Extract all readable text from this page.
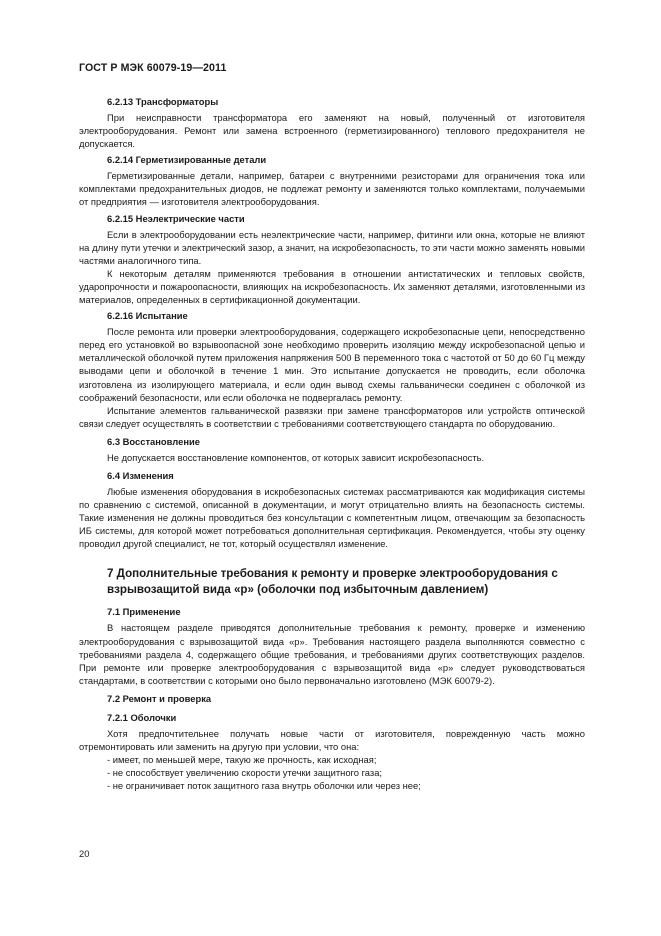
ГОСТ Р МЭК 60079-19—2011
6.2.13 Трансформаторы

При неисправности трансформатора его заменяют на новый, полученный от изготовителя электрооборудования. Ремонт или замена встроенного (герметизированного) теплового предохранителя не допускается.

6.2.14 Герметизированные детали

Герметизированные детали, например, батареи с внутренними резисторами для ограничения тока или комплектами предохранительных диодов, не подлежат ремонту и заменяются только комплектами, получаемыми от предприятия — изготовителя электрооборудования.

6.2.15 Неэлектрические части

Если в электрооборудовании есть неэлектрические части, например, фитинги или окна, которые не влияют на длину пути утечки и электрический зазор, а значит, на искробезопасность, то эти части можно заменять новыми частями аналогичного типа.

К некоторым деталям применяются требования в отношении антистатических и тепловых свойств, ударопрочности и пожароопасности, влияющих на искробезопасность. Их заменяют деталями, изготовленными из материалов, определенных в сертификационной документации.

6.2.16 Испытание

После ремонта или проверки электрооборудования, содержащего искробезопасные цепи, непосредственно перед его установкой во взрывоопасной зоне необходимо проверить изоляцию между искробезопасной цепью и металлической оболочкой путем приложения напряжения 500 В переменного тока с частотой от 50 до 60 Гц между выводами цепи и оболочкой в течение 1 мин. Это испытание допускается не проводить, если оболочка изготовлена из изолирующего материала, и если один вывод схемы гальванически соединен с оболочкой из соображений безопасности, или если оболочка не подвергалась ремонту.

Испытание элементов гальванической развязки при замене трансформаторов или устройств оптической связи следует осуществлять в соответствии с требованиями соответствующего стандарта по оборудованию.

6.3 Восстановление

Не допускается восстановление компонентов, от которых зависит искробезопасность.

6.4 Изменения

Любые изменения оборудования в искробезопасных системах рассматриваются как модификация системы по сравнению с системой, описанной в документации, и могут отрицательно влиять на безопасность системы. Такие изменения не должны проводиться без консультации с компетентным лицом, отвечающим за безопасность ИБ системы, для которой может потребоваться дополнительная сертификация. Рекомендуется, чтобы эту оценку проводил другой специалист, не тот, который осуществлял изменение.

7 Дополнительные требования к ремонту и проверке электрооборудования с взрывозащитой вида «р» (оболочки под избыточным давлением)
7.1 Применение

В настоящем разделе приводятся дополнительные требования к ремонту, проверке и изменению электрооборудования с взрывозащитой вида «р». Требования настоящего раздела выполняются совместно с требованиями раздела 4, содержащего общие требования, и требованиями других соответствующих разделов. При ремонте или проверке электрооборудования с взрывозащитой вида «р» следует руководствоваться стандартами, в соответствии с которыми оно было первоначально изготовлено (МЭК 60079-2).

7.2 Ремонт и проверка
7.2.1 Оболочки

Хотя предпочтительнее получать новые части от изготовителя, поврежденную часть можно отремонтировать или заменить на другую при условии, что она:

- имеет, по меньшей мере, такую же прочность, как исходная;
- не способствует увеличению скорости утечки защитного газа;
- не ограничивает поток защитного газа внутрь оболочки или через нее;
20
